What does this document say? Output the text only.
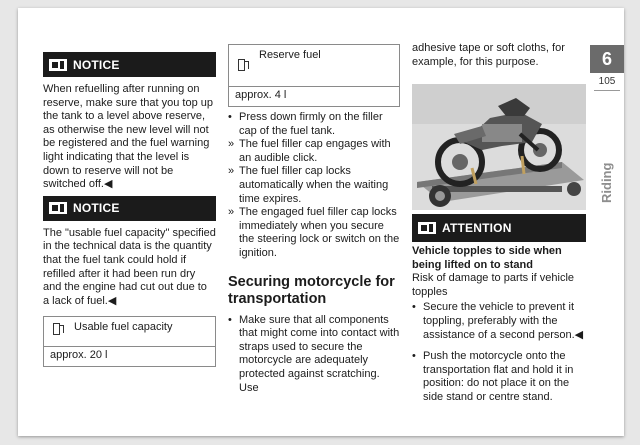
NOTICE

When refuelling after running on reserve, make sure that you top up the tank to a level above reserve, as otherwise the new level will not be registered and the fuel warning light indicating that the level is down to reserve will not be switched off.◀

NOTICE

The "usable fuel capacity" specified in the technical data is the quantity that the fuel tank could hold if refilled after it had been run dry and the engine had cut out due to a lack of fuel.◀

Usable fuel capacity
approx. 20 l
Reserve fuel
approx. 4 l
• Press down firmly on the filler cap of the fuel tank.
» The fuel filler cap engages with an audible click.
» The fuel filler cap locks automatically when the waiting time expires.
» The engaged fuel filler cap locks immediately when you secure the steering lock or switch on the ignition.
Securing motorcycle for transportation
• Make sure that all components that might come into contact with straps used to secure the motorcycle are adequately protected against scratching. Use

adhesive tape or soft cloths, for example, for this purpose.

ATTENTION

Vehicle topples to side when being lifted on to stand

Risk of damage to parts if vehicle topples

• Secure the vehicle to prevent it toppling, preferably with the assistance of a second person.◀
• Push the motorcycle onto the transportation flat and hold it in position: do not place it on the side stand or centre stand.
6
105
Riding
